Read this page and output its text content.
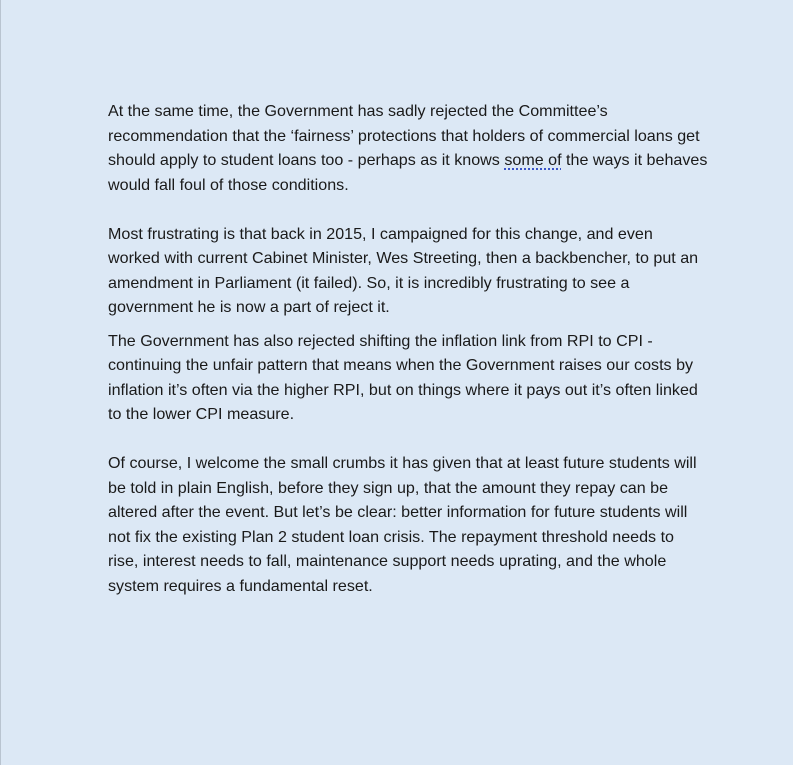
At the same time, the Government has sadly rejected the Committee’s recommendation that the ‘fairness’ protections that holders of commercial loans get should apply to student loans too - perhaps as it knows some of the ways it behaves would fall foul of those conditions.

Most frustrating is that back in 2015, I campaigned for this change, and even worked with current Cabinet Minister, Wes Streeting, then a backbencher, to put an amendment in Parliament (it failed). So, it is incredibly frustrating to see a government he is now a part of reject it.

The Government has also rejected shifting the inflation link from RPI to CPI - continuing the unfair pattern that means when the Government raises our costs by inflation it’s often via the higher RPI, but on things where it pays out it’s often linked to the lower CPI measure.

Of course, I welcome the small crumbs it has given that at least future students will be told in plain English, before they sign up, that the amount they repay can be altered after the event. But let’s be clear: better information for future students will not fix the existing Plan 2 student loan crisis. The repayment threshold needs to rise, interest needs to fall, maintenance support needs uprating, and the whole system requires a fundamental reset.
